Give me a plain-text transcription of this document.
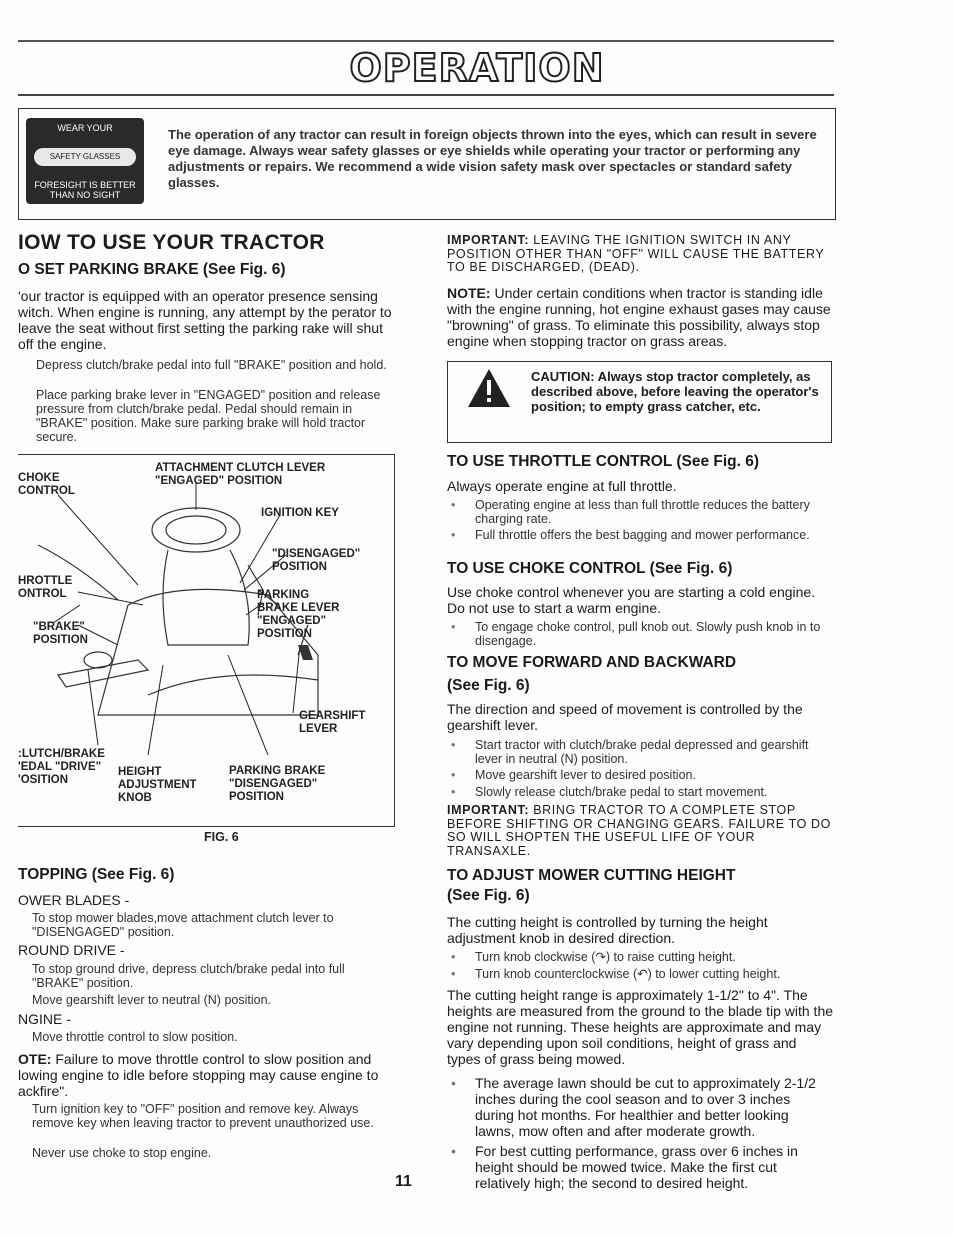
OPERATION
WEAR YOUR
SAFETY GLASSES
FORESIGHT IS BETTER
THAN NO SIGHT
The operation of any tractor can result in foreign objects thrown into the eyes, which can result in severe eye damage. Always wear safety glasses or eye shields while operating your tractor or performing any adjustments or repairs. We recommend a wide vision safety mask over spectacles or standard safety glasses.
IOW TO USE YOUR TRACTOR
O SET PARKING BRAKE (See Fig. 6)

'our tractor is equipped with an operator presence sensing witch. When engine is running, any attempt by the perator to leave the seat without first setting the parking rake will shut off the engine.

Depress clutch/brake pedal into full "BRAKE" position and hold.

Place parking brake lever in "ENGAGED" position and release pressure from clutch/brake pedal. Pedal should remain in "BRAKE" position. Make sure parking brake will hold tractor secure.

CHOKE
CONTROL
ATTACHMENT CLUTCH LEVER
"ENGAGED" POSITION
IGNITION KEY
"DISENGAGED"
POSITION
HROTTLE
ONTROL	PARKING
BRAKE LEVER
"ENGAGED"
POSITION
"BRAKE"
POSITION
GEARSHIFT
LEVER
:LUTCH/BRAKE
'EDAL "DRIVE"
'OSITION
HEIGHT
ADJUSTMENT
KNOB
PARKING BRAKE
"DISENGAGED"
POSITION
FIG. 6
TOPPING (See Fig. 6)

OWER BLADES -

To stop mower blades,move attachment clutch lever to "DISENGAGED" position.

ROUND DRIVE -

To stop ground drive, depress clutch/brake pedal into full "BRAKE" position.

Move gearshift lever to neutral (N) position.

NGINE -

Move throttle control to slow position.

OTE: Failure to move throttle control to slow position and lowing engine to idle before stopping may cause engine to ackfire".

Turn ignition key to "OFF" position and remove key. Always remove key when leaving tractor to prevent unauthorized use.

Never use choke to stop engine.

IMPORTANT: LEAVING THE IGNITION SWITCH IN ANY POSITION OTHER THAN "OFF" WILL CAUSE THE BATTERY TO BE DISCHARGED, (DEAD).

NOTE: Under certain conditions when tractor is standing idle with the engine running, hot engine exhaust gases may cause "browning" of grass. To eliminate this possibility, always stop engine when stopping tractor on grass areas.

CAUTION: Always stop tractor completely, as described above, before leaving the operator's position; to empty grass catcher, etc.
TO USE THROTTLE CONTROL (See Fig. 6)

Always operate engine at full throttle.

• Operating engine at less than full throttle reduces the battery charging rate.

• Full throttle offers the best bagging and mower performance.

TO USE CHOKE CONTROL (See Fig. 6)

Use choke control whenever you are starting a cold engine. Do not use to start a warm engine.

• To engage choke control, pull knob out. Slowly push knob in to disengage.

TO MOVE FORWARD AND BACKWARD
(See Fig. 6)

The direction and speed of movement is controlled by the gearshift lever.

• Start tractor with clutch/brake pedal depressed and gearshift lever in neutral (N) position.

• Move gearshift lever to desired position.

• Slowly release clutch/brake pedal to start movement.

IMPORTANT: BRING TRACTOR TO A COMPLETE STOP BEFORE SHIFTING OR CHANGING GEARS. FAILURE TO DO SO WILL SHOPTEN THE USEFUL LIFE OF YOUR TRANSAXLE.

TO ADJUST MOWER CUTTING HEIGHT
(See Fig. 6)

The cutting height is controlled by turning the height adjustment knob in desired direction.

• Turn knob clockwise (↷) to raise cutting height.

• Turn knob counterclockwise (↶) to lower cutting height.

The cutting height range is approximately 1-1/2" to 4". The heights are measured from the ground to the blade tip with the engine not running. These heights are approximate and may vary depending upon soil conditions, height of grass and types of grass being mowed.

• The average lawn should be cut to approximately 2-1/2 inches during the cool season and to over 3 inches during hot months. For healthier and better looking lawns, mow often and after moderate growth.

• For best cutting performance, grass over 6 inches in height should be mowed twice. Make the first cut relatively high; the second to desired height.

11
